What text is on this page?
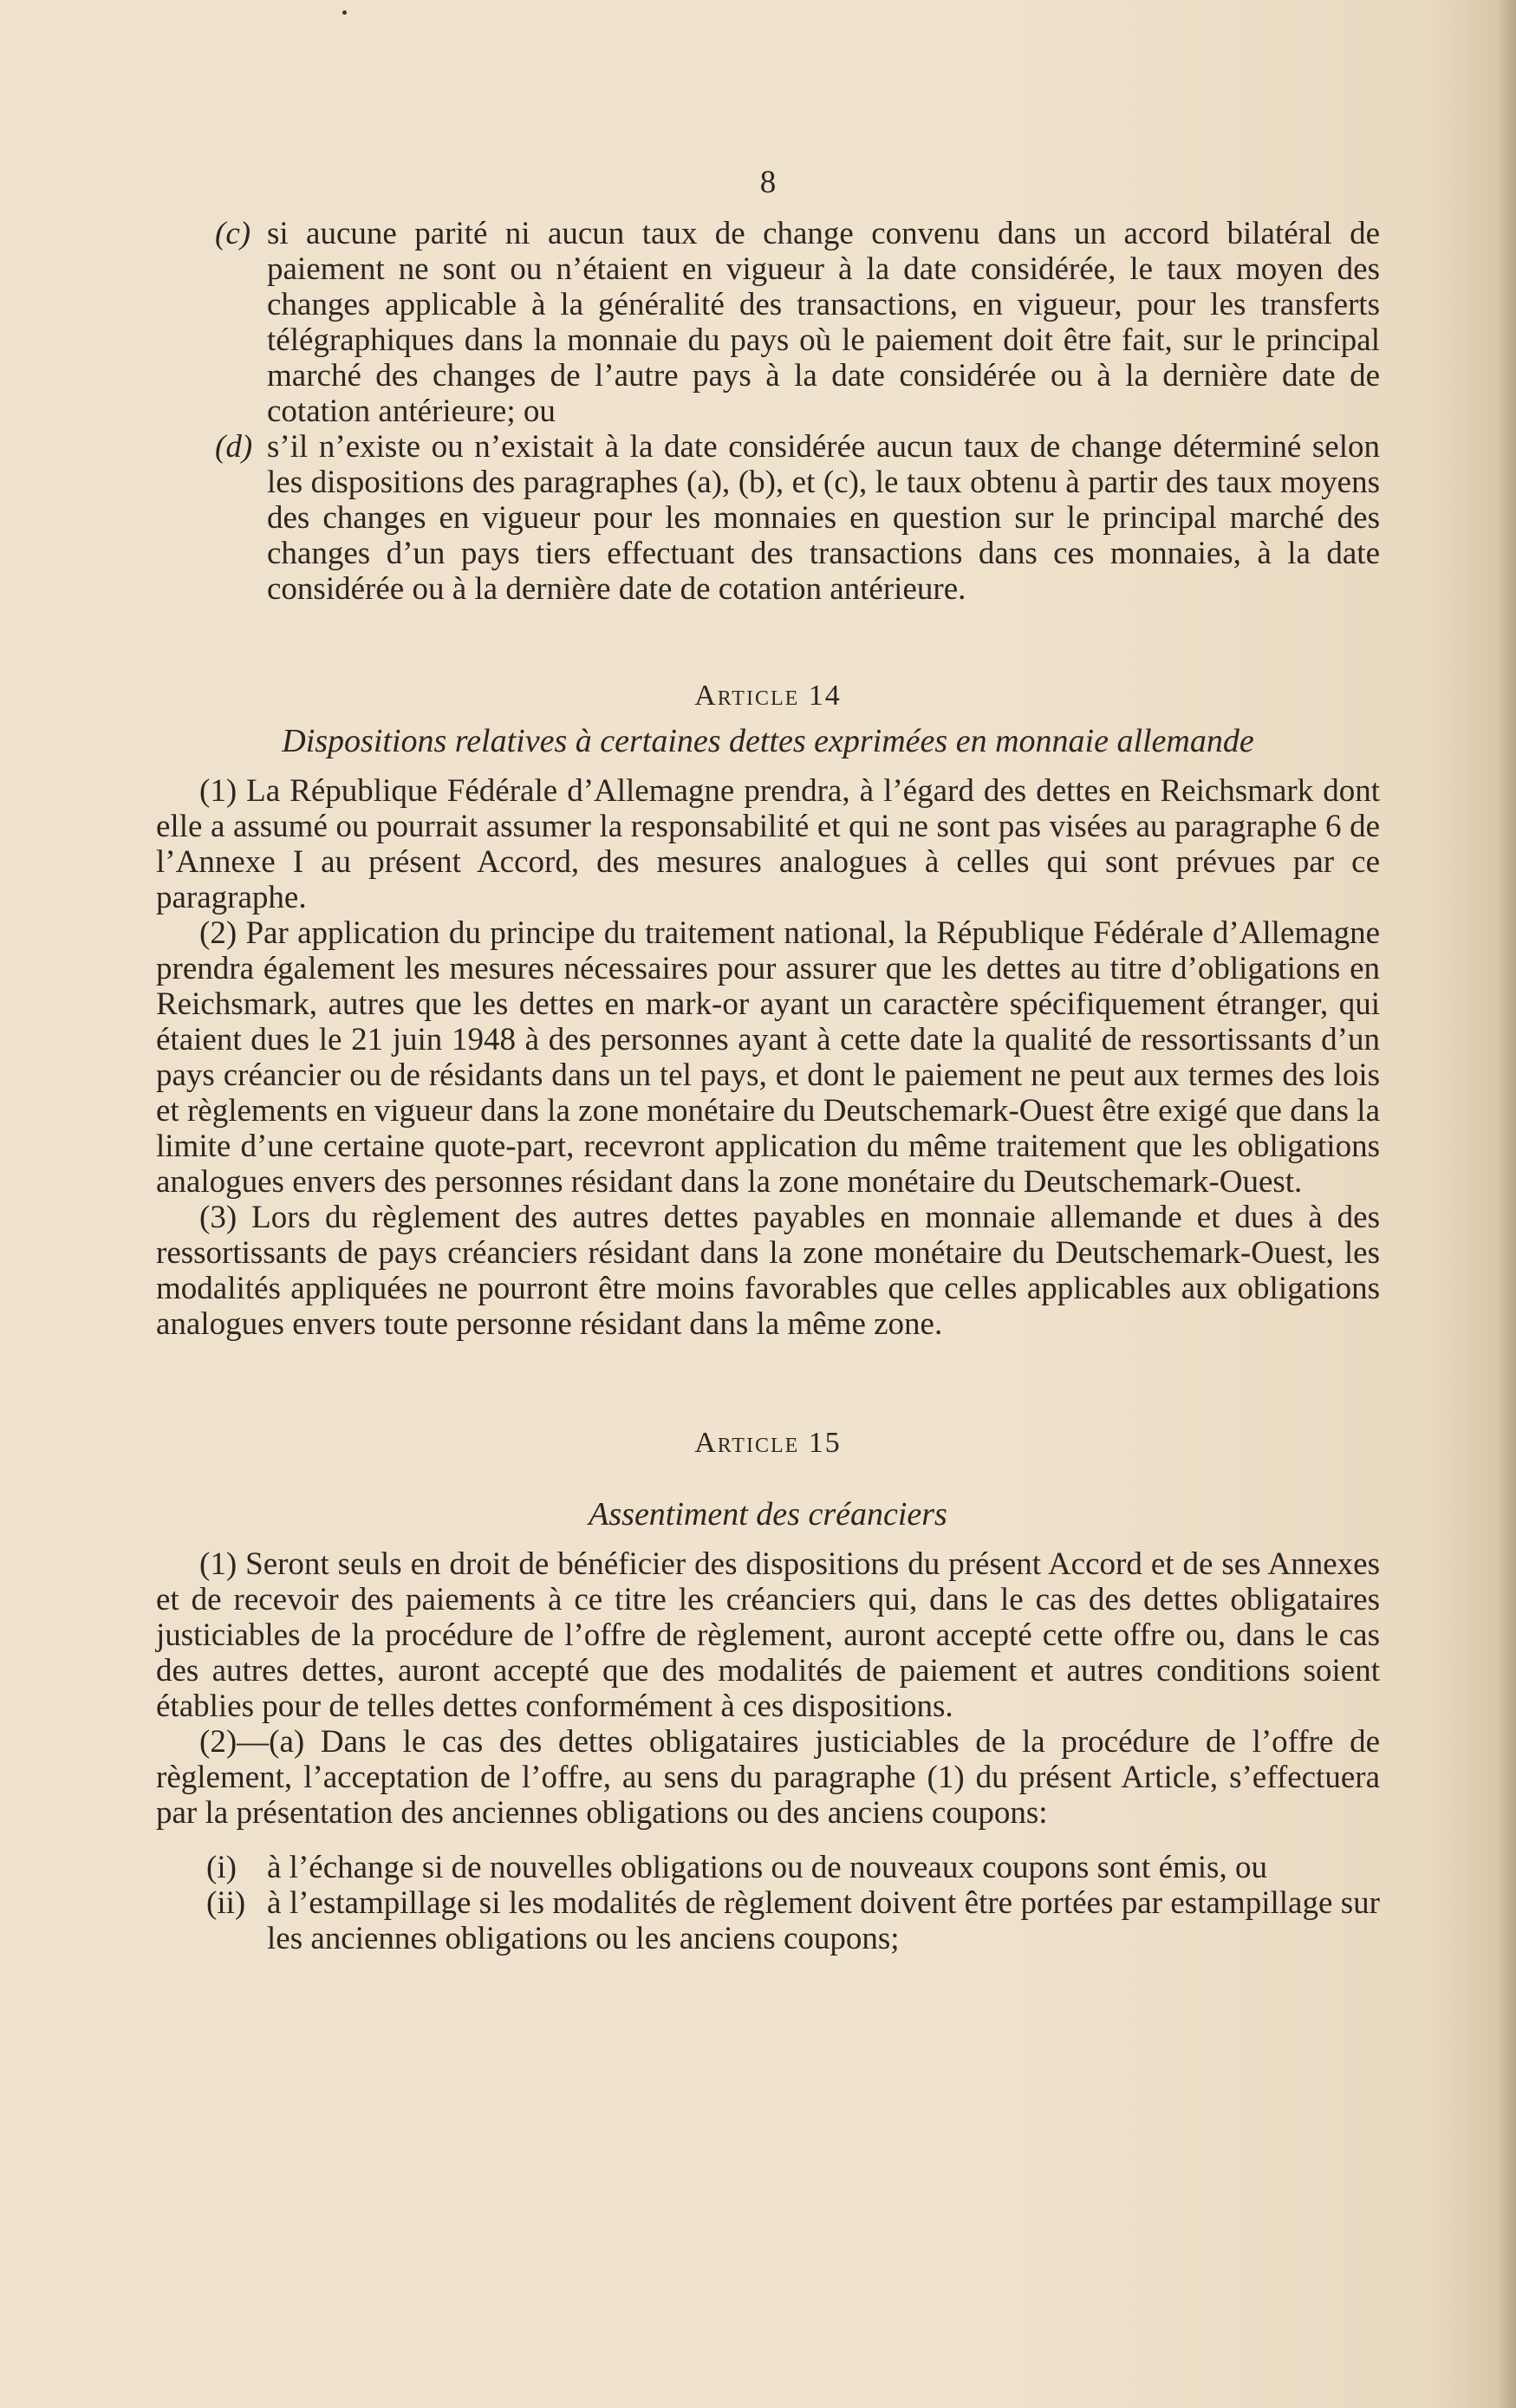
8
(c) si aucune parité ni aucun taux de change convenu dans un accord bilatéral de paiement ne sont ou n’étaient en vigueur à la date considérée, le taux moyen des changes applicable à la généralité des transactions, en vigueur, pour les transferts télégraphiques dans la monnaie du pays où le paiement doit être fait, sur le principal marché des changes de l’autre pays à la date considérée ou à la dernière date de cotation antérieure; ou
(d) s’il n’existe ou n’existait à la date considérée aucun taux de change déterminé selon les dispositions des paragraphes (a), (b), et (c), le taux obtenu à partir des taux moyens des changes en vigueur pour les monnaies en question sur le principal marché des changes d’un pays tiers effectuant des transactions dans ces monnaies, à la date considérée ou à la dernière date de cotation antérieure.
Article 14
Dispositions relatives à certaines dettes exprimées en monnaie allemande

(1) La République Fédérale d’Allemagne prendra, à l’égard des dettes en Reichsmark dont elle a assumé ou pourrait assumer la responsabilité et qui ne sont pas visées au paragraphe 6 de l’Annexe I au présent Accord, des mesures analogues à celles qui sont prévues par ce paragraphe.

(2) Par application du principe du traitement national, la République Fédérale d’Allemagne prendra également les mesures nécessaires pour assurer que les dettes au titre d’obligations en Reichsmark, autres que les dettes en mark-or ayant un caractère spécifiquement étranger, qui étaient dues le 21 juin 1948 à des personnes ayant à cette date la qualité de ressortissants d’un pays créancier ou de résidants dans un tel pays, et dont le paiement ne peut aux termes des lois et règlements en vigueur dans la zone monétaire du Deutschemark-Ouest être exigé que dans la limite d’une certaine quote-part, recevront application du même traitement que les obligations analogues envers des personnes résidant dans la zone monétaire du Deutschemark-Ouest.

(3) Lors du règlement des autres dettes payables en monnaie allemande et dues à des ressortissants de pays créanciers résidant dans la zone monétaire du Deutschemark-Ouest, les modalités appliquées ne pourront être moins favorables que celles applicables aux obligations analogues envers toute personne résidant dans la même zone.

Article 15
Assentiment des créanciers

(1) Seront seuls en droit de bénéficier des dispositions du présent Accord et de ses Annexes et de recevoir des paiements à ce titre les créanciers qui, dans le cas des dettes obligataires justiciables de la procédure de l’offre de règlement, auront accepté cette offre ou, dans le cas des autres dettes, auront accepté que des modalités de paiement et autres conditions soient établies pour de telles dettes conformément à ces dispositions.

(2)—(a) Dans le cas des dettes obligataires justiciables de la procédure de l’offre de règlement, l’acceptation de l’offre, au sens du paragraphe (1) du présent Article, s’effectuera par la présentation des anciennes obligations ou des anciens coupons:

(i) à l’échange si de nouvelles obligations ou de nouveaux coupons sont émis, ou
(ii) à l’estampillage si les modalités de règlement doivent être portées par estampillage sur les anciennes obligations ou les anciens coupons;
